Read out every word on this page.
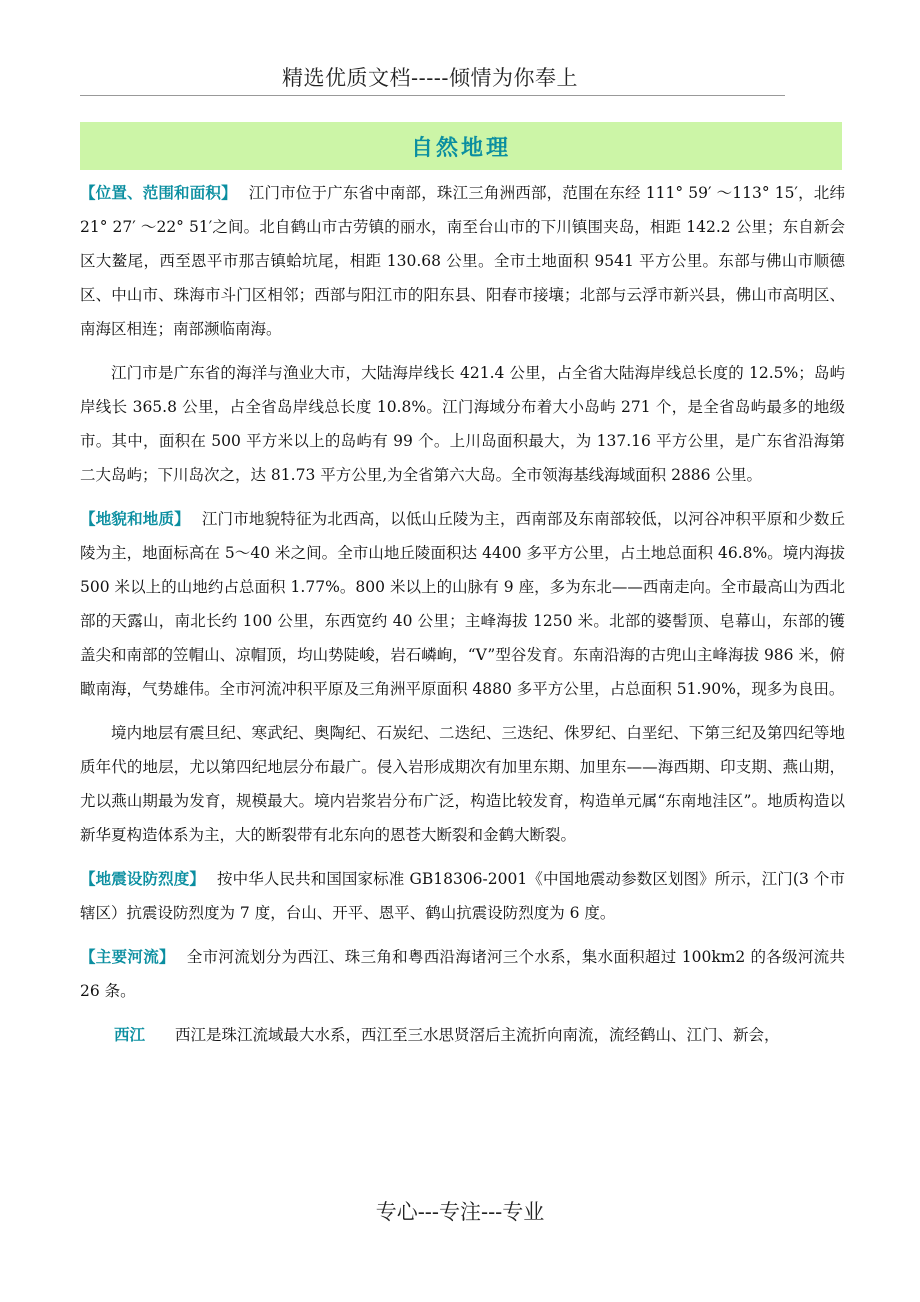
精选优质文档-----倾情为你奉上
自然地理

【位置、范围和面积】 江门市位于广东省中南部，珠江三角洲西部，范围在东经 111° 59′ ～113° 15′，北纬 21° 27′ ～22° 51′之间。北自鹤山市古劳镇的丽水，南至台山市的下川镇围夹岛，相距 142.2 公里；东自新会区大鳌尾，西至恩平市那吉镇蛤坑尾，相距 130.68 公里。全市土地面积 9541 平方公里。东部与佛山市顺德区、中山市、珠海市斗门区相邻；西部与阳江市的阳东县、阳春市接壤；北部与云浮市新兴县，佛山市高明区、南海区相连；南部濒临南海。

江门市是广东省的海洋与渔业大市，大陆海岸线长 421.4 公里，占全省大陆海岸线总长度的 12.5%；岛屿岸线长 365.8 公里，占全省岛岸线总长度 10.8%。江门海域分布着大小岛屿 271 个，是全省岛屿最多的地级市。其中，面积在 500 平方米以上的岛屿有 99 个。上川岛面积最大，为 137.16 平方公里，是广东省沿海第二大岛屿；下川岛次之，达 81.73 平方公里,为全省第六大岛。全市领海基线海域面积 2886 公里。

【地貌和地质】 江门市地貌特征为北西高，以低山丘陵为主，西南部及东南部较低，以河谷冲积平原和少数丘陵为主，地面标高在 5～40 米之间。全市山地丘陵面积达 4400 多平方公里，占土地总面积 46.8%。境内海拔 500 米以上的山地约占总面积 1.77%。800 米以上的山脉有 9 座，多为东北——西南走向。全市最高山为西北部的天露山，南北长约 100 公里，东西宽约 40 公里；主峰海拔 1250 米。北部的婆髻顶、皂幕山，东部的镬盖尖和南部的笠帽山、凉帽顶，均山势陡峻，岩石嶙峋，“V”型谷发育。东南沿海的古兜山主峰海拔 986 米，俯瞰南海，气势雄伟。全市河流冲积平原及三角洲平原面积 4880 多平方公里，占总面积 51.90%，现多为良田。

境内地层有震旦纪、寒武纪、奥陶纪、石炭纪、二迭纪、三迭纪、侏罗纪、白垩纪、下第三纪及第四纪等地质年代的地层，尤以第四纪地层分布最广。侵入岩形成期次有加里东期、加里东——海西期、印支期、燕山期，尤以燕山期最为发育，规模最大。境内岩浆岩分布广泛，构造比较发育，构造单元属“东南地洼区”。地质构造以新华夏构造体系为主，大的断裂带有北东向的恩苍大断裂和金鹤大断裂。

【地震设防烈度】 按中华人民共和国国家标准 GB18306-2001《中国地震动参数区划图》所示，江门(3 个市辖区）抗震设防烈度为 7 度，台山、开平、恩平、鹤山抗震设防烈度为 6 度。

【主要河流】 全市河流划分为西江、珠三角和粤西沿海诸河三个水系，集水面积超过 100km2 的各级河流共 26 条。

西江 西江是珠江流域最大水系，西江至三水思贤滘后主流折向南流，流经鹤山、江门、新会，

专心---专注---专业
